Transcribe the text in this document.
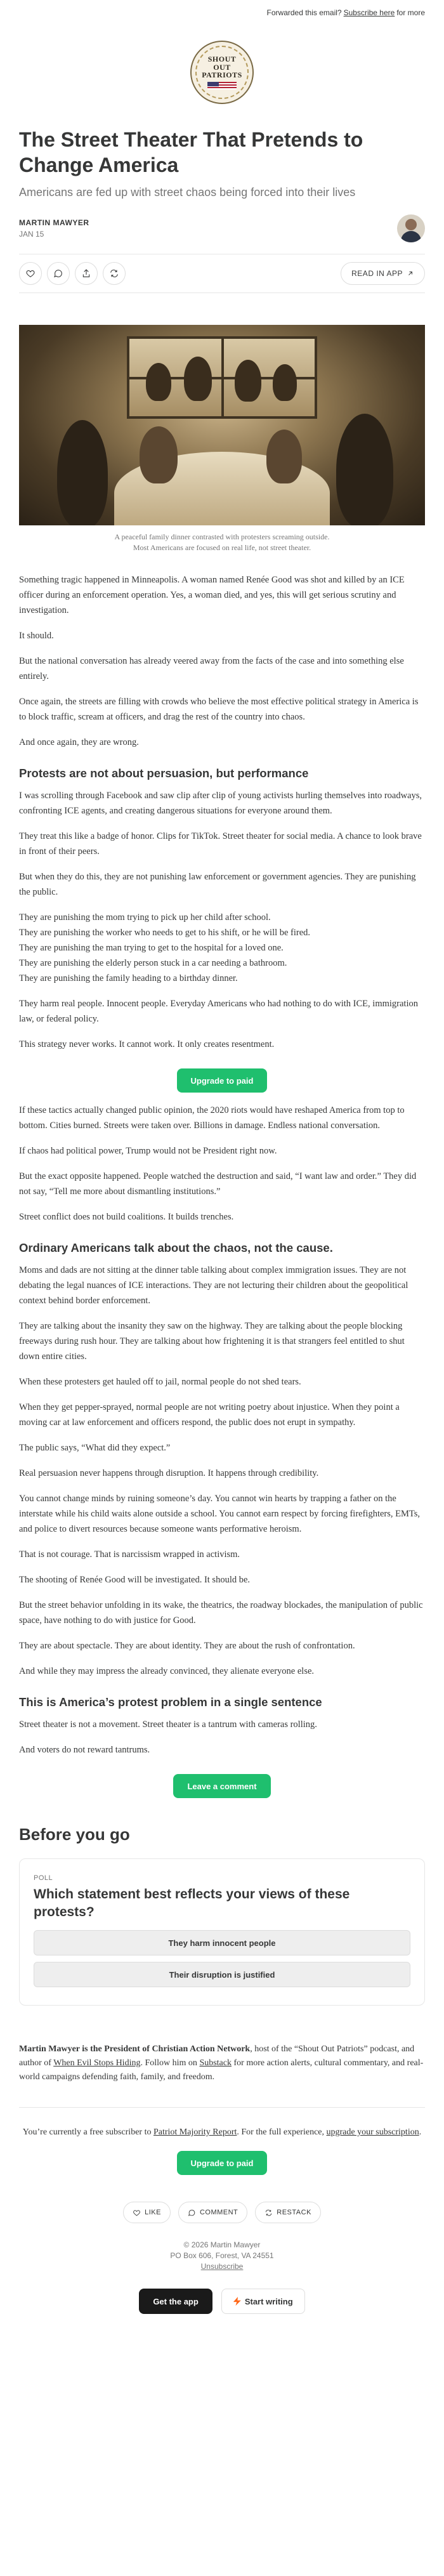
Forwarded this email? Subscribe here for more
SHOUT
OUT
PATRIOTS
The Street Theater That Pretends to Change America
Americans are fed up with street chaos being forced into their lives
MARTIN MAWYER
JAN 15
READ IN APP
A peaceful family dinner contrasted with protesters screaming outside.
Most Americans are focused on real life, not street theater.

Something tragic happened in Minneapolis. A woman named Renée Good was shot and killed by an ICE officer during an enforcement operation. Yes, a woman died, and yes, this will get serious scrutiny and investigation.

It should.

But the national conversation has already veered away from the facts of the case and into something else entirely.

Once again, the streets are filling with crowds who believe the most effective political strategy in America is to block traffic, scream at officers, and drag the rest of the country into chaos.

And once again, they are wrong.

Protests are not about persuasion, but performance

I was scrolling through Facebook and saw clip after clip of young activists hurling themselves into roadways, confronting ICE agents, and creating dangerous situations for everyone around them.

They treat this like a badge of honor. Clips for TikTok. Street theater for social media. A chance to look brave in front of their peers.

But when they do this, they are not punishing law enforcement or government agencies. They are punishing the public.

They are punishing the mom trying to pick up her child after school.

They are punishing the worker who needs to get to his shift, or he will be fired.

They are punishing the man trying to get to the hospital for a loved one.

They are punishing the elderly person stuck in a car needing a bathroom.

They are punishing the family heading to a birthday dinner.

They harm real people. Innocent people. Everyday Americans who had nothing to do with ICE, immigration law, or federal policy.

This strategy never works. It cannot work. It only creates resentment.

Upgrade to paid

If these tactics actually changed public opinion, the 2020 riots would have reshaped America from top to bottom. Cities burned. Streets were taken over. Billions in damage. Endless national conversation.

If chaos had political power, Trump would not be President right now.

But the exact opposite happened. People watched the destruction and said, “I want law and order.” They did not say, “Tell me more about dismantling institutions.”

Street conflict does not build coalitions. It builds trenches.

Ordinary Americans talk about the chaos, not the cause.

Moms and dads are not sitting at the dinner table talking about complex immigration issues. They are not debating the legal nuances of ICE interactions. They are not lecturing their children about the geopolitical context behind border enforcement.

They are talking about the insanity they saw on the highway. They are talking about the people blocking freeways during rush hour. They are talking about how frightening it is that strangers feel entitled to shut down entire cities.

When these protesters get hauled off to jail, normal people do not shed tears.

When they get pepper-sprayed, normal people are not writing poetry about injustice. When they point a moving car at law enforcement and officers respond, the public does not erupt in sympathy.

The public says, “What did they expect.”

Real persuasion never happens through disruption. It happens through credibility.

You cannot change minds by ruining someone’s day. You cannot win hearts by trapping a father on the interstate while his child waits alone outside a school. You cannot earn respect by forcing firefighters, EMTs, and police to divert resources because someone wants performative heroism.

That is not courage. That is narcissism wrapped in activism.

The shooting of Renée Good will be investigated. It should be.

But the street behavior unfolding in its wake, the theatrics, the roadway blockades, the manipulation of public space, have nothing to do with justice for Good.

They are about spectacle. They are about identity. They are about the rush of confrontation.

And while they may impress the already convinced, they alienate everyone else.

This is America’s protest problem in a single sentence

Street theater is not a movement. Street theater is a tantrum with cameras rolling.

And voters do not reward tantrums.

Leave a comment
Before you go
POLL
Which statement best reflects your views of these protests?
They harm innocent people
Their disruption is justified
Martin Mawyer is the President of Christian Action Network, host of the “Shout Out Patriots” podcast, and author of When Evil Stops Hiding. Follow him on Substack for more action alerts, cultural commentary, and real-world campaigns defending faith, family, and freedom.
You’re currently a free subscriber to Patriot Majority Report. For the full experience, upgrade your subscription.
Upgrade to paid
LIKE	COMMENT	RESTACK
© 2026 Martin Mawyer
PO Box 606, Forest, VA 24551
Unsubscribe
Get the app	Start writing
